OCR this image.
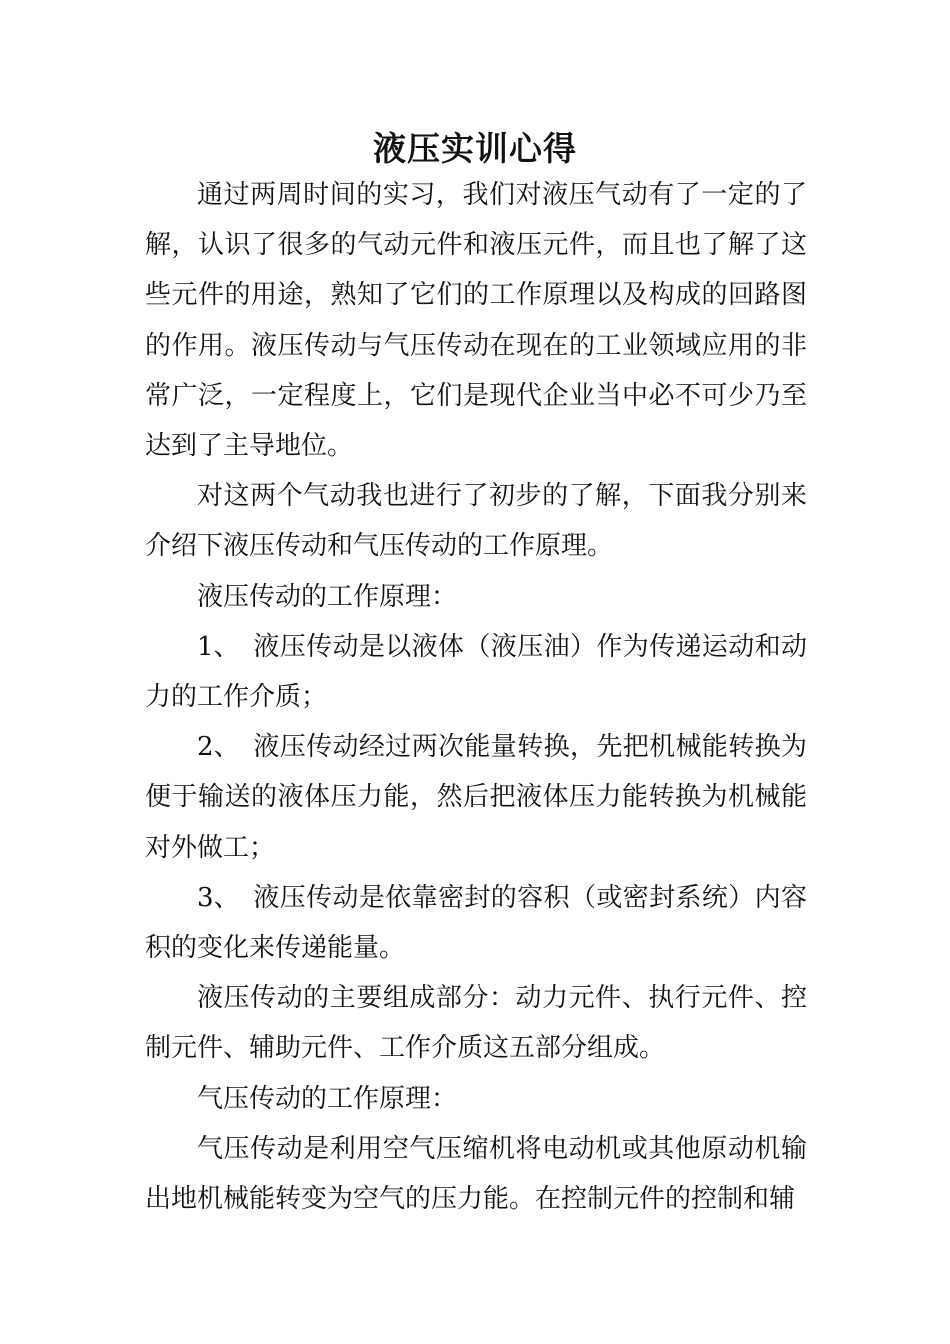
液压实训心得

通过两周时间的实习，我们对液压气动有了一定的了解，认识了很多的气动元件和液压元件，而且也了解了这些元件的用途，熟知了它们的工作原理以及构成的回路图的作用。液压传动与气压传动在现在的工业领域应用的非常广泛，一定程度上，它们是现代企业当中必不可少乃至达到了主导地位。

对这两个气动我也进行了初步的了解，下面我分别来介绍下液压传动和气压传动的工作原理。

液压传动的工作原理：

1、 液压传动是以液体（液压油）作为传递运动和动力的工作介质；

2、 液压传动经过两次能量转换，先把机械能转换为便于输送的液体压力能，然后把液体压力能转换为机械能对外做工；

3、 液压传动是依靠密封的容积（或密封系统）内容积的变化来传递能量。

液压传动的主要组成部分：动力元件、执行元件、控制元件、辅助元件、工作介质这五部分组成。

气压传动的工作原理：

气压传动是利用空气压缩机将电动机或其他原动机输出地机械能转变为空气的压力能。在控制元件的控制和辅
